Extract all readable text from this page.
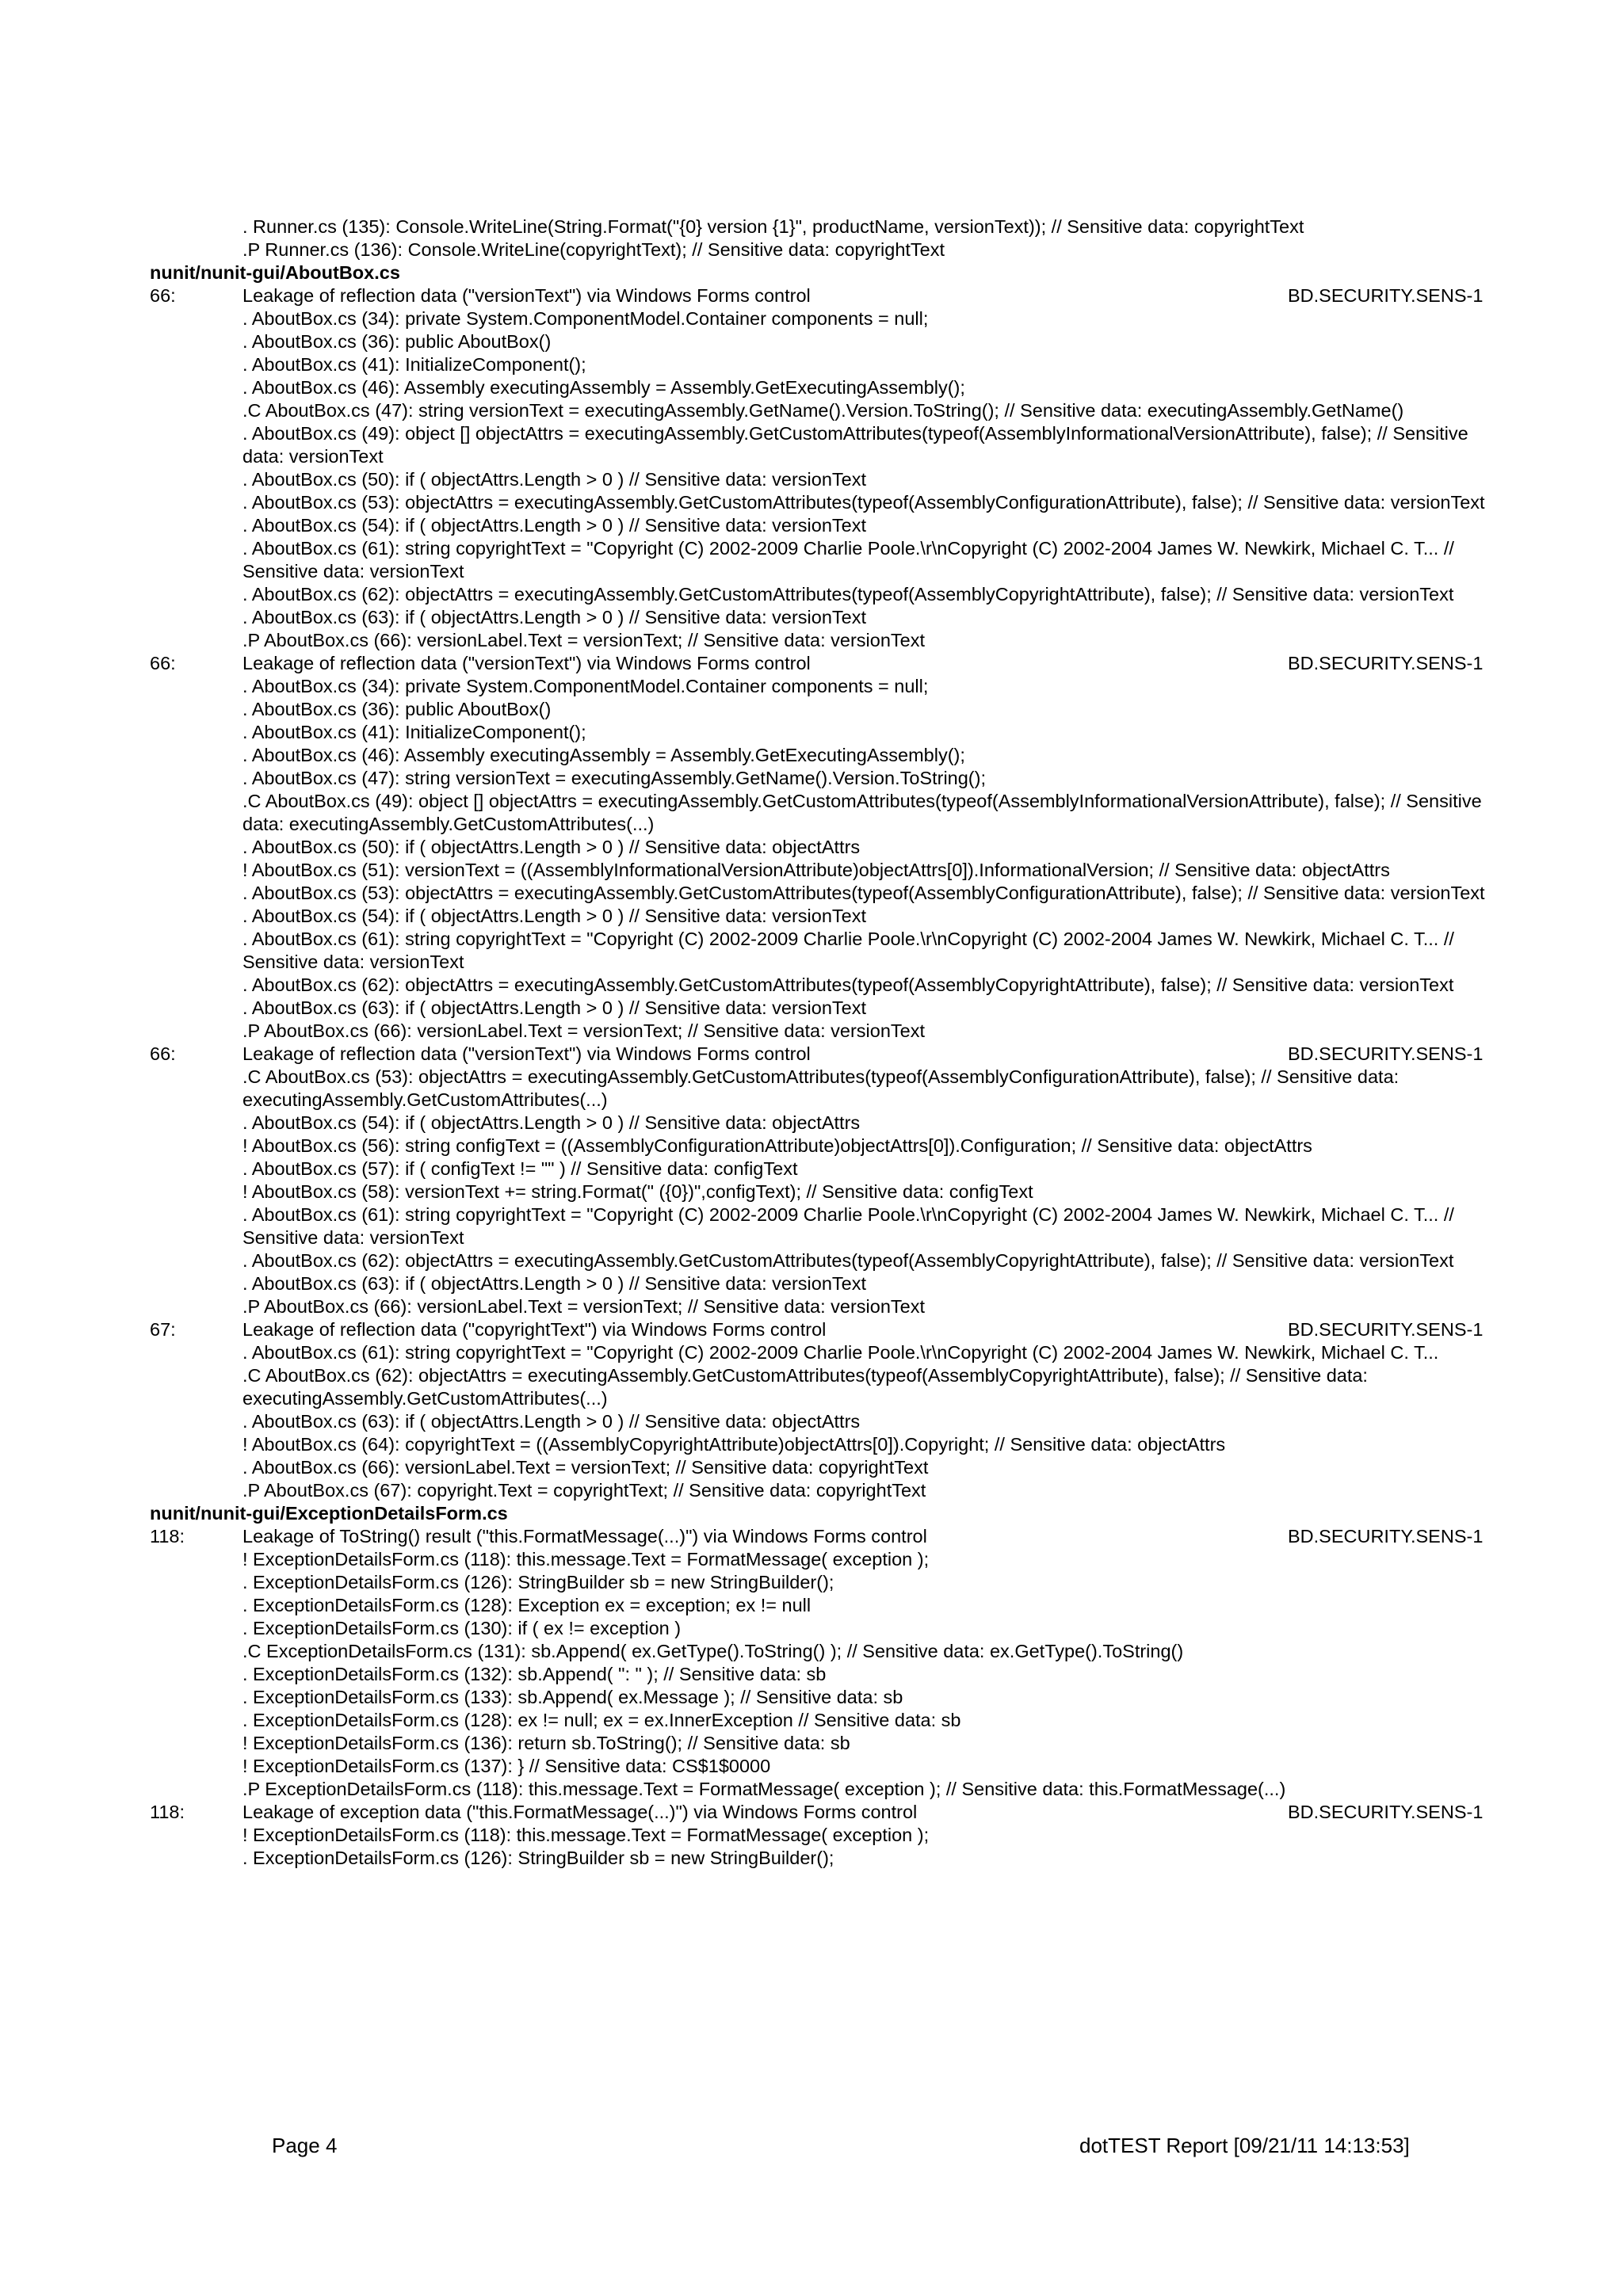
. Runner.cs (135): Console.WriteLine(String.Format("{0} version {1}", productName, versionText)); // Sensitive data: copyrightText
.P Runner.cs (136): Console.WriteLine(copyrightText); // Sensitive data: copyrightText
nunit/nunit-gui/AboutBox.cs
66:	Leakage of reflection data ("versionText") via Windows Forms control	BD.SECURITY.SENS-1
. AboutBox.cs (34): private System.ComponentModel.Container components = null;
. AboutBox.cs (36): public AboutBox()
. AboutBox.cs (41): InitializeComponent();
. AboutBox.cs (46): Assembly executingAssembly = Assembly.GetExecutingAssembly();
.C AboutBox.cs (47): string versionText = executingAssembly.GetName().Version.ToString(); // Sensitive data: executingAssembly.GetName()
. AboutBox.cs (49): object [] objectAttrs = executingAssembly.GetCustomAttributes(typeof(AssemblyInformationalVersionAttribute), false); // Sensitive data: versionText
. AboutBox.cs (50): if ( objectAttrs.Length > 0 ) // Sensitive data: versionText
. AboutBox.cs (53): objectAttrs = executingAssembly.GetCustomAttributes(typeof(AssemblyConfigurationAttribute), false); // Sensitive data: versionText
. AboutBox.cs (54): if ( objectAttrs.Length > 0 ) // Sensitive data: versionText
. AboutBox.cs (61): string copyrightText = "Copyright (C) 2002-2009 Charlie Poole.\r\nCopyright (C) 2002-2004 James W. Newkirk, Michael C. T... // Sensitive data: versionText
. AboutBox.cs (62): objectAttrs = executingAssembly.GetCustomAttributes(typeof(AssemblyCopyrightAttribute), false); // Sensitive data: versionText
. AboutBox.cs (63): if ( objectAttrs.Length > 0 ) // Sensitive data: versionText
.P AboutBox.cs (66): versionLabel.Text = versionText; // Sensitive data: versionText
66:	Leakage of reflection data ("versionText") via Windows Forms control	BD.SECURITY.SENS-1
. AboutBox.cs (34): private System.ComponentModel.Container components = null;
. AboutBox.cs (36): public AboutBox()
. AboutBox.cs (41): InitializeComponent();
. AboutBox.cs (46): Assembly executingAssembly = Assembly.GetExecutingAssembly();
. AboutBox.cs (47): string versionText = executingAssembly.GetName().Version.ToString();
.C AboutBox.cs (49): object [] objectAttrs = executingAssembly.GetCustomAttributes(typeof(AssemblyInformationalVersionAttribute), false); // Sensitive data: executingAssembly.GetCustomAttributes(...)
. AboutBox.cs (50): if ( objectAttrs.Length > 0 ) // Sensitive data: objectAttrs
! AboutBox.cs (51): versionText = ((AssemblyInformationalVersionAttribute)objectAttrs[0]).InformationalVersion; // Sensitive data: objectAttrs
. AboutBox.cs (53): objectAttrs = executingAssembly.GetCustomAttributes(typeof(AssemblyConfigurationAttribute), false); // Sensitive data: versionText
. AboutBox.cs (54): if ( objectAttrs.Length > 0 ) // Sensitive data: versionText
. AboutBox.cs (61): string copyrightText = "Copyright (C) 2002-2009 Charlie Poole.\r\nCopyright (C) 2002-2004 James W. Newkirk, Michael C. T... // Sensitive data: versionText
. AboutBox.cs (62): objectAttrs = executingAssembly.GetCustomAttributes(typeof(AssemblyCopyrightAttribute), false); // Sensitive data: versionText
. AboutBox.cs (63): if ( objectAttrs.Length > 0 ) // Sensitive data: versionText
.P AboutBox.cs (66): versionLabel.Text = versionText; // Sensitive data: versionText
66:	Leakage of reflection data ("versionText") via Windows Forms control	BD.SECURITY.SENS-1
.C AboutBox.cs (53): objectAttrs = executingAssembly.GetCustomAttributes(typeof(AssemblyConfigurationAttribute), false); // Sensitive data: executingAssembly.GetCustomAttributes(...)
. AboutBox.cs (54): if ( objectAttrs.Length > 0 ) // Sensitive data: objectAttrs
! AboutBox.cs (56): string configText = ((AssemblyConfigurationAttribute)objectAttrs[0]).Configuration; // Sensitive data: objectAttrs
. AboutBox.cs (57): if ( configText != "" ) // Sensitive data: configText
! AboutBox.cs (58): versionText += string.Format(" ({0})",configText); // Sensitive data: configText
. AboutBox.cs (61): string copyrightText = "Copyright (C) 2002-2009 Charlie Poole.\r\nCopyright (C) 2002-2004 James W. Newkirk, Michael C. T... // Sensitive data: versionText
. AboutBox.cs (62): objectAttrs = executingAssembly.GetCustomAttributes(typeof(AssemblyCopyrightAttribute), false); // Sensitive data: versionText
. AboutBox.cs (63): if ( objectAttrs.Length > 0 ) // Sensitive data: versionText
.P AboutBox.cs (66): versionLabel.Text = versionText; // Sensitive data: versionText
67:	Leakage of reflection data ("copyrightText") via Windows Forms control	BD.SECURITY.SENS-1
. AboutBox.cs (61): string copyrightText = "Copyright (C) 2002-2009 Charlie Poole.\r\nCopyright (C) 2002-2004 James W. Newkirk, Michael C. T...
.C AboutBox.cs (62): objectAttrs = executingAssembly.GetCustomAttributes(typeof(AssemblyCopyrightAttribute), false); // Sensitive data: executingAssembly.GetCustomAttributes(...)
. AboutBox.cs (63): if ( objectAttrs.Length > 0 ) // Sensitive data: objectAttrs
! AboutBox.cs (64): copyrightText = ((AssemblyCopyrightAttribute)objectAttrs[0]).Copyright; // Sensitive data: objectAttrs
. AboutBox.cs (66): versionLabel.Text = versionText; // Sensitive data: copyrightText
.P AboutBox.cs (67): copyright.Text = copyrightText; // Sensitive data: copyrightText
nunit/nunit-gui/ExceptionDetailsForm.cs
118:	Leakage of ToString() result ("this.FormatMessage(...)") via Windows Forms control	BD.SECURITY.SENS-1
! ExceptionDetailsForm.cs (118): this.message.Text = FormatMessage( exception );
. ExceptionDetailsForm.cs (126): StringBuilder sb = new StringBuilder();
. ExceptionDetailsForm.cs (128): Exception ex = exception; ex != null
. ExceptionDetailsForm.cs (130): if ( ex != exception )
.C ExceptionDetailsForm.cs (131): sb.Append( ex.GetType().ToString() ); // Sensitive data: ex.GetType().ToString()
. ExceptionDetailsForm.cs (132): sb.Append( ": " ); // Sensitive data: sb
. ExceptionDetailsForm.cs (133): sb.Append( ex.Message ); // Sensitive data: sb
. ExceptionDetailsForm.cs (128): ex != null; ex = ex.InnerException // Sensitive data: sb
! ExceptionDetailsForm.cs (136): return sb.ToString(); // Sensitive data: sb
! ExceptionDetailsForm.cs (137): } // Sensitive data: CS$1$0000
.P ExceptionDetailsForm.cs (118): this.message.Text = FormatMessage( exception ); // Sensitive data: this.FormatMessage(...)
118:	Leakage of exception data ("this.FormatMessage(...)") via Windows Forms control	BD.SECURITY.SENS-1
! ExceptionDetailsForm.cs (118): this.message.Text = FormatMessage( exception );
. ExceptionDetailsForm.cs (126): StringBuilder sb = new StringBuilder();
Page 4	dotTEST Report [09/21/11 14:13:53]
